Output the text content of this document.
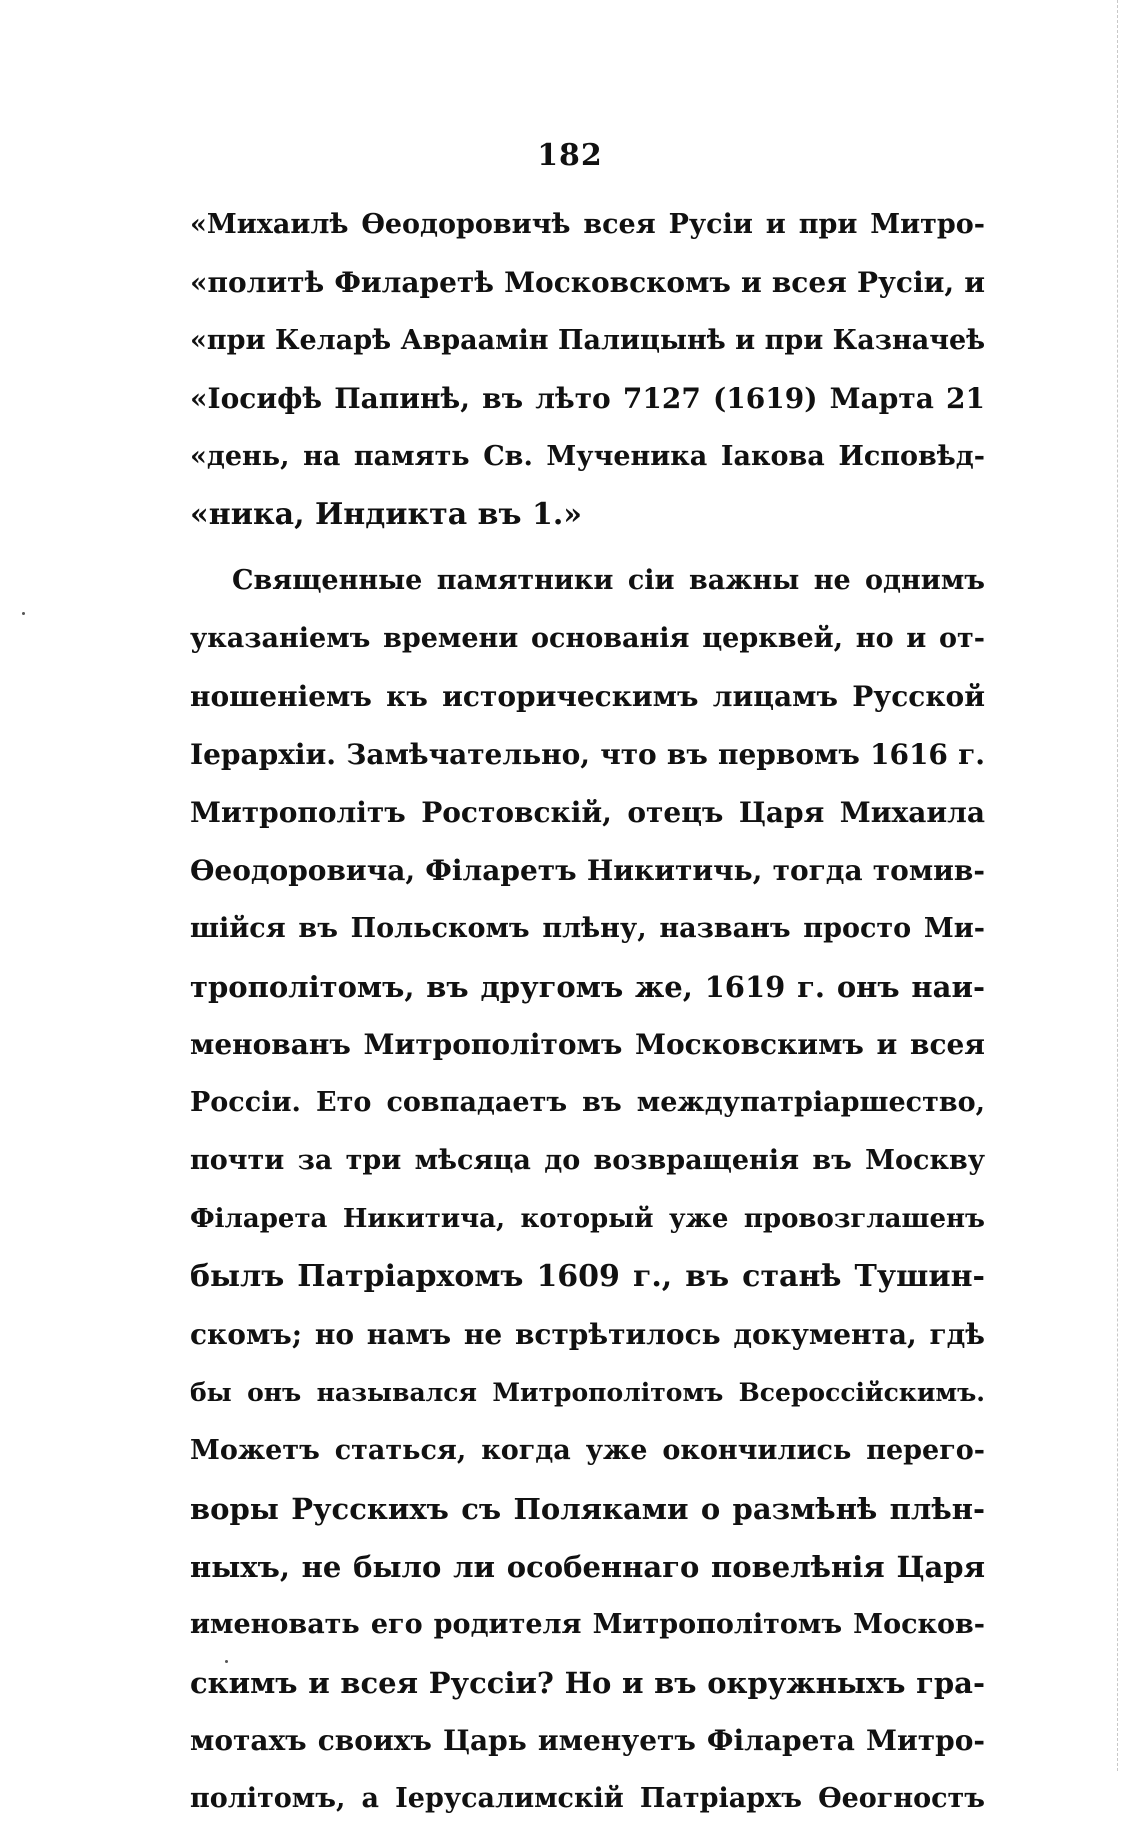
182
«Михаилѣ Ѳеодоровичѣ всея Русіи и при Митро-
«политѣ Филаретѣ Московскомъ и всея Русіи, и
«при Келарѣ Авраамін Палицынѣ и при Казначеѣ
«Іосифѣ Папинѣ, въ лѣто 7127 (1619) Марта 21
«день, на память Св. Мученика Іакова Исповѣд-
«ника, Индикта въ 1.»
Священные памятники сіи важны не однимъ
указаніемъ времени основанія церквей, но и от-
ношеніемъ къ историческимъ лицамъ Русской
Іерархіи. Замѣчательно, что въ первомъ 1616 г.
Митрополітъ Ростовскій, отецъ Царя Михаила
Ѳеодоровича, Філаретъ Никитичь, тогда томив-
шійся въ Польскомъ плѣну, названъ просто Ми-
трополітомъ, въ другомъ же, 1619 г. онъ наи-
менованъ Митрополітомъ Московскимъ и всея
Россіи. Ето совпадаетъ въ междупатріаршество,
почти за три мѣсяца до возвращенія въ Москву
Філарета Никитича, который уже провозглашенъ
былъ Патріархомъ 1609 г., въ станѣ Тушин-
скомъ; но намъ не встрѣтилось документа, гдѣ
бы онъ назывался Митрополітомъ Всероссійскимъ.
Можетъ статься, когда уже окончились перего-
воры Русскихъ съ Поляками о размѣнѣ плѣн-
ныхъ, не было ли особеннаго повелѣнія Царя
именовать его родителя Митрополітомъ Москов-
скимъ и всея Руссіи? Но и въ окружныхъ гра-
мотахъ своихъ Царь именуетъ Філарета Митро-
політомъ, а Іерусалимскій Патріархъ Ѳеогностъ
